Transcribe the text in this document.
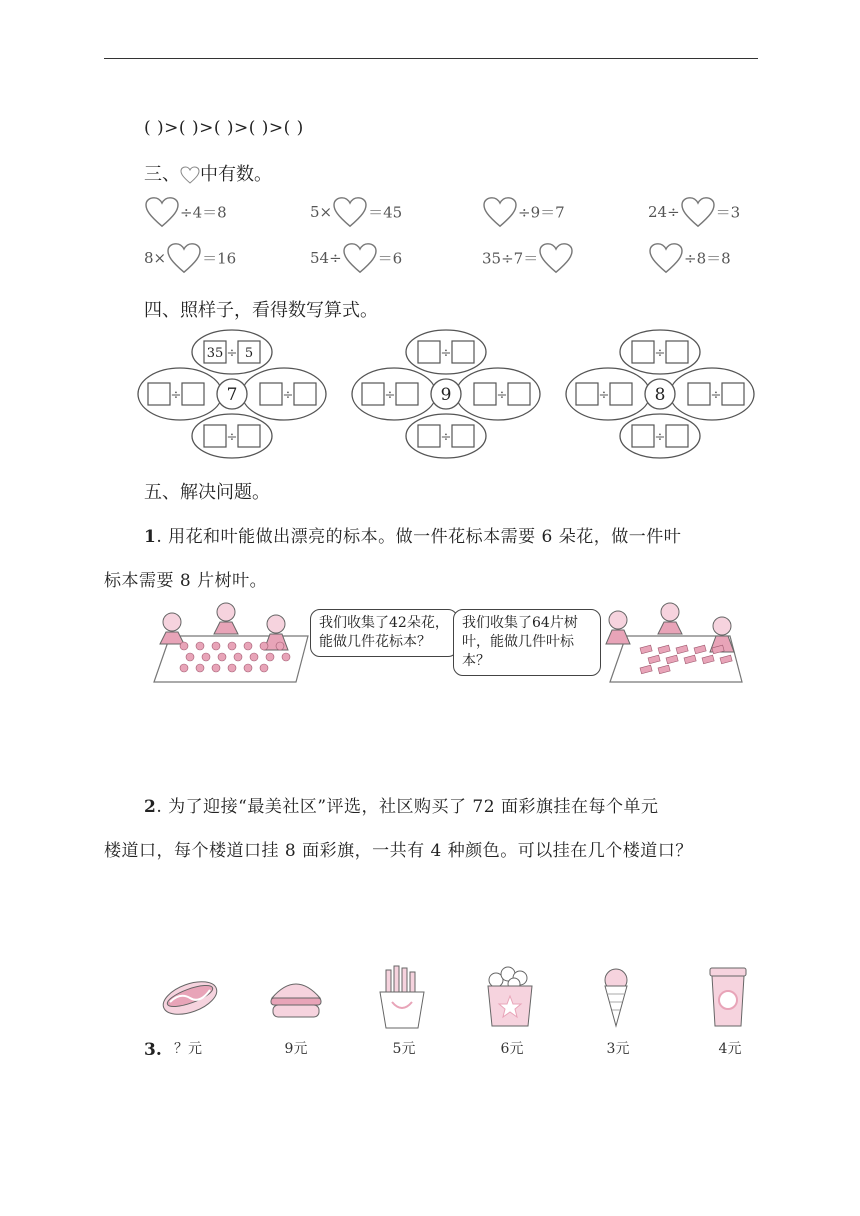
( )>( )>( )>( )>( )
三、 中有数。
÷4＝8	5× ＝45	÷9＝7	24÷ ＝3
8× ＝16	54÷ ＝6	35÷7＝	÷8＝8
四、照样子，看得数写算式。
7
÷
35 5
÷
÷	÷	9
÷
÷
÷	÷	8
÷
÷
÷	÷
五、解决问题。
1. 用花和叶能做出漂亮的标本。做一件花标本需要 6 朵花，做一件叶
标本需要 8 片树叶。
我们收集了42朵花，能做几件花标本？
我们收集了64片树叶，能做几件叶标本？
2. 为了迎接“最美社区”评选，社区购买了 72 面彩旗挂在每个单元
楼道口，每个楼道口挂 8 面彩旗，一共有 4 种颜色。可以挂在几个楼道口？
3. ？元	9元	5元	6元	3元	4元
